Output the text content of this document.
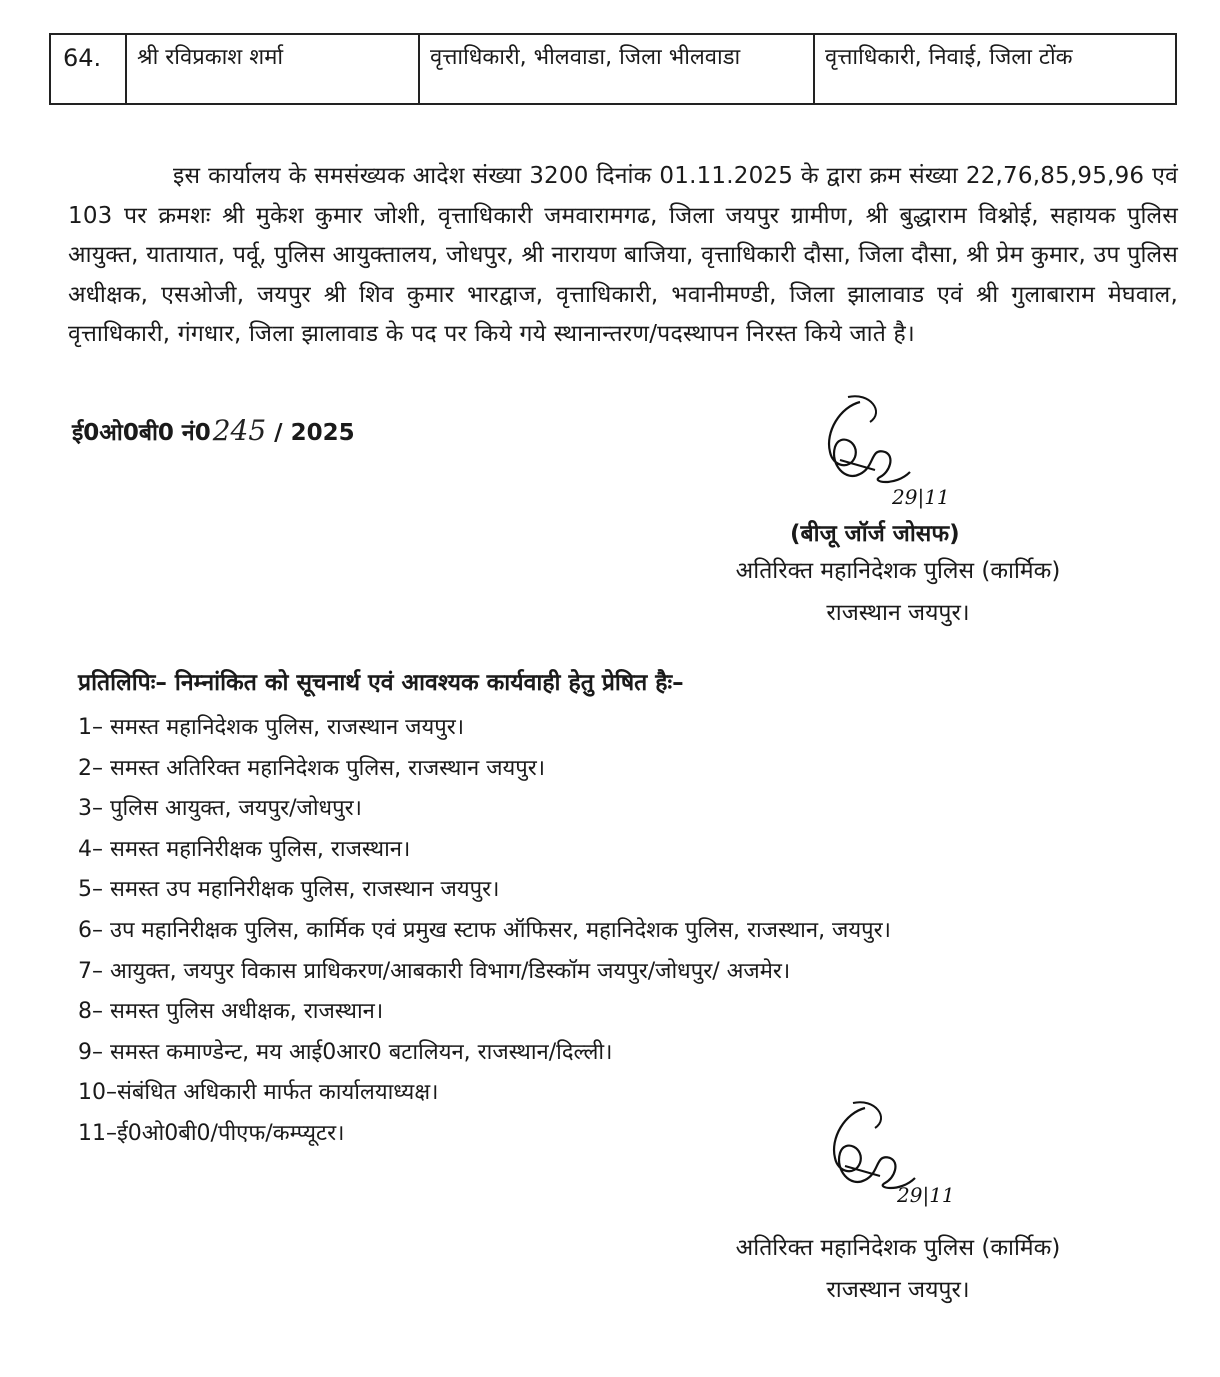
64.	श्री रविप्रकाश शर्मा	वृत्ताधिकारी, भीलवाडा, जिला भीलवाडा	वृत्ताधिकारी, निवाई, जिला टोंक

इस कार्यालय के समसंख्यक आदेश संख्या 3200 दिनांक 01.11.2025 के द्वारा क्रम संख्या 22,76,85,95,96 एवं 103 पर क्रमशः श्री मुकेश कुमार जोशी, वृत्ताधिकारी जमवारामगढ, जिला जयपुर ग्रामीण, श्री बुद्धाराम विश्नोई, सहायक पुलिस आयुक्त, यातायात, पर्वू, पुलिस आयुक्तालय, जोधपुर, श्री नारायण बाजिया, वृत्ताधिकारी दौसा, जिला दौसा, श्री प्रेम कुमार, उप पुलिस अधीक्षक, एसओजी, जयपुर श्री शिव कुमार भारद्वाज, वृत्ताधिकारी, भवानीमण्डी, जिला झालावाड एवं श्री गुलाबाराम मेघवाल, वृत्ताधिकारी, गंगधार, जिला झालावाड के पद पर किये गये स्थानान्तरण/पदस्थापन निरस्त किये जाते है।

ई0ओ0बी0 नं0 245 / 2025
29|11
(बीजू जॉर्ज जोसफ)
अतिरिक्त महानिदेशक पुलिस (कार्मिक)
राजस्थान जयपुर।
प्रतिलिपिः– निम्नांकित को सूचनार्थ एवं आवश्यक कार्यवाही हेतु प्रेषित हैः–
1– समस्त महानिदेशक पुलिस, राजस्थान जयपुर।
2– समस्त अतिरिक्त महानिदेशक पुलिस, राजस्थान जयपुर।
3– पुलिस आयुक्त, जयपुर/जोधपुर।
4– समस्त महानिरीक्षक पुलिस, राजस्थान।
5– समस्त उप महानिरीक्षक पुलिस, राजस्थान जयपुर।
6– उप महानिरीक्षक पुलिस, कार्मिक एवं प्रमुख स्टाफ ऑफिसर, महानिदेशक पुलिस, राजस्थान, जयपुर।
7– आयुक्त, जयपुर विकास प्राधिकरण/आबकारी विभाग/डिस्कॉम जयपुर/जोधपुर/ अजमेर।
8– समस्त पुलिस अधीक्षक, राजस्थान।
9– समस्त कमाण्डेन्ट, मय आई0आर0 बटालियन, राजस्थान/दिल्ली।
10–संबंधित अधिकारी मार्फत कार्यालयाध्यक्ष।
11–ई0ओ0बी0/पीएफ/कम्प्यूटर।
29|11
अतिरिक्त महानिदेशक पुलिस (कार्मिक)
राजस्थान जयपुर।
